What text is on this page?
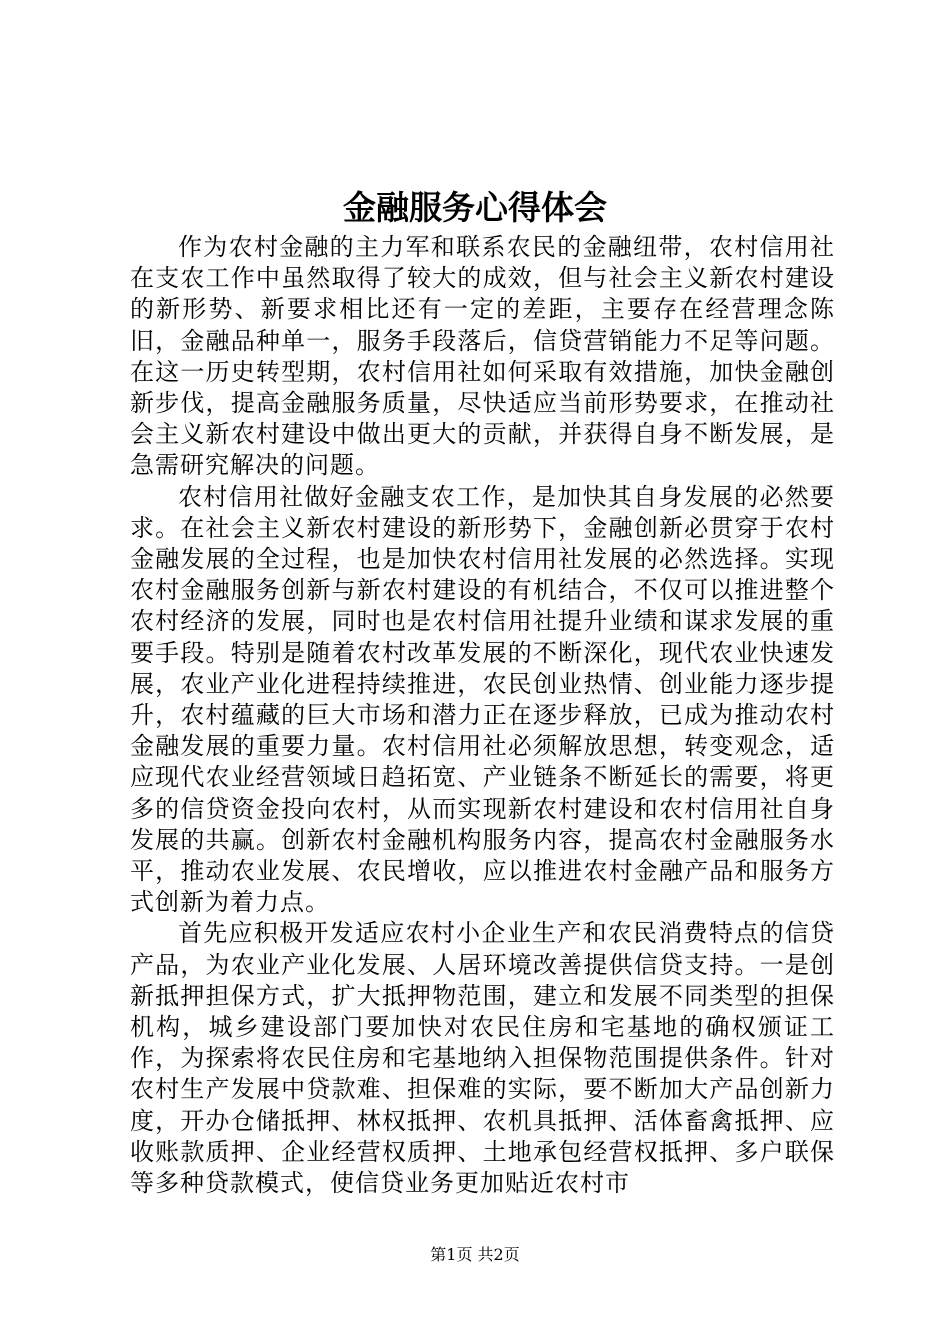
金融服务心得体会

作为农村金融的主力军和联系农民的金融纽带，农村信用社在支农工作中虽然取得了较大的成效，但与社会主义新农村建设的新形势、新要求相比还有一定的差距，主要存在经营理念陈旧，金融品种单一，服务手段落后，信贷营销能力不足等问题。在这一历史转型期，农村信用社如何采取有效措施，加快金融创新步伐，提高金融服务质量，尽快适应当前形势要求，在推动社会主义新农村建设中做出更大的贡献，并获得自身不断发展，是急需研究解决的问题。

农村信用社做好金融支农工作，是加快其自身发展的必然要求。在社会主义新农村建设的新形势下，金融创新必贯穿于农村金融发展的全过程，也是加快农村信用社发展的必然选择。实现农村金融服务创新与新农村建设的有机结合，不仅可以推进整个农村经济的发展，同时也是农村信用社提升业绩和谋求发展的重要手段。特别是随着农村改革发展的不断深化，现代农业快速发展，农业产业化进程持续推进，农民创业热情、创业能力逐步提升，农村蕴藏的巨大市场和潜力正在逐步释放，已成为推动农村金融发展的重要力量。农村信用社必须解放思想，转变观念，适应现代农业经营领域日趋拓宽、产业链条不断延长的需要，将更多的信贷资金投向农村，从而实现新农村建设和农村信用社自身发展的共赢。创新农村金融机构服务内容，提高农村金融服务水平，推动农业发展、农民增收，应以推进农村金融产品和服务方式创新为着力点。

首先应积极开发适应农村小企业生产和农民消费特点的信贷产品，为农业产业化发展、人居环境改善提供信贷支持。一是创新抵押担保方式，扩大抵押物范围，建立和发展不同类型的担保机构，城乡建设部门要加快对农民住房和宅基地的确权颁证工作，为探索将农民住房和宅基地纳入担保物范围提供条件。针对农村生产发展中贷款难、担保难的实际，要不断加大产品创新力度，开办仓储抵押、林权抵押、农机具抵押、活体畜禽抵押、应收账款质押、企业经营权质押、土地承包经营权抵押、多户联保等多种贷款模式，使信贷业务更加贴近农村市

第1页 共2页
